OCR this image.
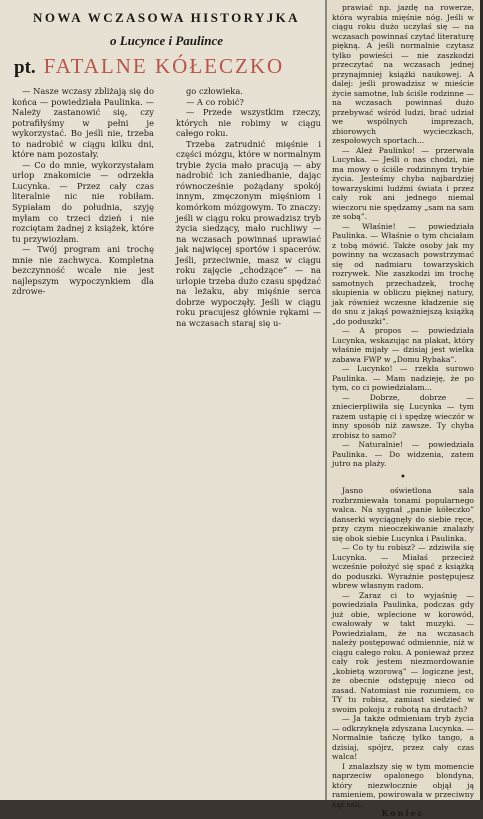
NOWA WCZASOWA HISTORYJKA

o Lucynce i Paulince

pt. FATALNE KÓŁECZKO

— Nasze wczasy zbliżają się do końca — powiedziała Paulinka. — Należy zastanowić się, czy potrafiłyśmy w pełni je wykorzystać. Bo jeśli nie, trzeba to nadrobić w ciągu kilku dni, które nam pozostały.

— Co do mnie, wykorzystałam urlop znakomicie — odrzekła Lucynka. — Przez cały czas literalnie nic nie robiłam. Sypiałam do południa, szyję myłam co trzeci dzień i nie rozciętam żadnej z książek, które tu przywiozłam.

— Twój program ani trochę mnie nie zachwyca. Kompletna bezczynność wcale nie jest najlepszym wypoczynkiem dla zdrowe-

go człowieka.

— A co robić?

— Przede wszystkim rzeczy, których nie robimy w ciągu całego roku.

Trzeba zatrudnić mięśnie i części mózgu, które w normalnym trybie życia mało pracują — aby nadrobić ich zaniedbanie, dając równocześnie pożądany spokój innym, zmęczonym mięśniom i komórkom mózgowym. To znaczy: jeśli w ciągu roku prowadzisz tryb życia siedzący, mało ruchliwy — na wczasach powinnaś uprawiać jak najwięcej sportów i spacerów. Jeśli, przeciwnie, masz w ciągu roku zajęcie „chodzące” — na urlopie trzeba dużo czasu spędzać na leżaku, aby mięśnie serca dobrze wypoczęły. Jeśli w ciągu roku pracujesz głównie rękami — na wczasach staraj się u-

prawiać np. jazdę na rowerze, która wyrabia mięśnie nóg. Jeśli w ciągu roku dużo uczyłaś się — na wczasach powinnaś czytać literaturę piękną. A jeśli normalnie czytasz tylko powieści — nie zaszkodzi przeczytać na wczasach jednej przynajmniej książki naukowej. A dalej: jeśli prowadzisz w mieście życie samotne, lub ściśle rodzinne — na wczasach powinnaś dużo przebywać wśród ludzi, brać udział we wspólnych imprezach, zbiorowych wycieczkach, zespołowych sportach...

— Ależ Paulinko! — przerwała Lucynka. — Jeśli o nas chodzi, nie ma mowy o ściśle rodzinnym trybie życia. Jesteśmy chyba najbardziej towarzyskimi ludźmi świata i przez cały rok ani jednego niemal wieczoru nie spędzamy „sam na sam ze sobą”.

— Właśnie! — powiedziała Paulinka. — Właśnie o tym chciałam z tobą mówić. Także osoby jak my powinny na wczasach powstrzymać się od nadmiaru towarzyskich rozrywek. Nie zaszkodzi im trochę samotnych przechadzek, trochę skupienia w obliczu pięknej natury, jak również wczesne kładzenie się do snu z jakąś poważniejszą książką „do poduszki”.

— A propos — powiedziała Lucynka, wskazując na plakat, który właśnie mijały — dzisiaj jest wielka zabawa FWP w „Domu Rybaka”.

— Lucynko! — rzekła surowo Paulinka. — Mam nadzieję, że po tym, co ci powiedziałam...

— Dobrze, dobrze — zniecierpliwiła się Lucynka — tym razem ustąpię ci i spędzę wieczór w inny sposób niż zawsze. Ty chyba zrobisz to samo?

— Naturalnie! — powiedziała Paulinka. — Do widzenia, zatem jutro na plaży.

•

Jasno oświetlona sala rozbrzmiewała tonami popularnego walca. Na sygnał „panie kółeczko” danserki wyciągnęły do siebie ręce, przy czym nieoczekiwanie znalazły się obok siebie Lucynka i Paulinka.

— Co ty tu robisz? — zdziwiła się Lucynka. — Miałaś przecież wcześnie położyć się spać z książką do poduszki. Wyraźnie postępujesz wbrew własnym radom.

— Zaraz ci to wyjaśnię — powiedziała Paulinka, podczas gdy już obie, wplecione w korowód, cwałowały w takt muzyki. — Powiedziałam, że na wczasach należy postępować odmiennie, niż w ciągu całego roku. A ponieważ przez cały rok jestem niezmordowanie „kobietą wzorową” — logiczne jest, że obecnie odstępuję nieco od zasad. Natomiast nie rozumiem, co TY tu robisz, zamiast siedzieć w swoim pokoju z robotą na drutach?

— Ja także odmieniam tryb życia — odkrzyknęła zdyszana Lucynka. — Normalnie tańczę tylko tango, a dzisiaj, spójrz, przez cały czas walca!

I znalazłszy się w tym momencie naprzeciw opalonego blondyna, który niezwłocznie objął ją ramieniem, powirowała w przeciwny kąt sali.

Koniec
